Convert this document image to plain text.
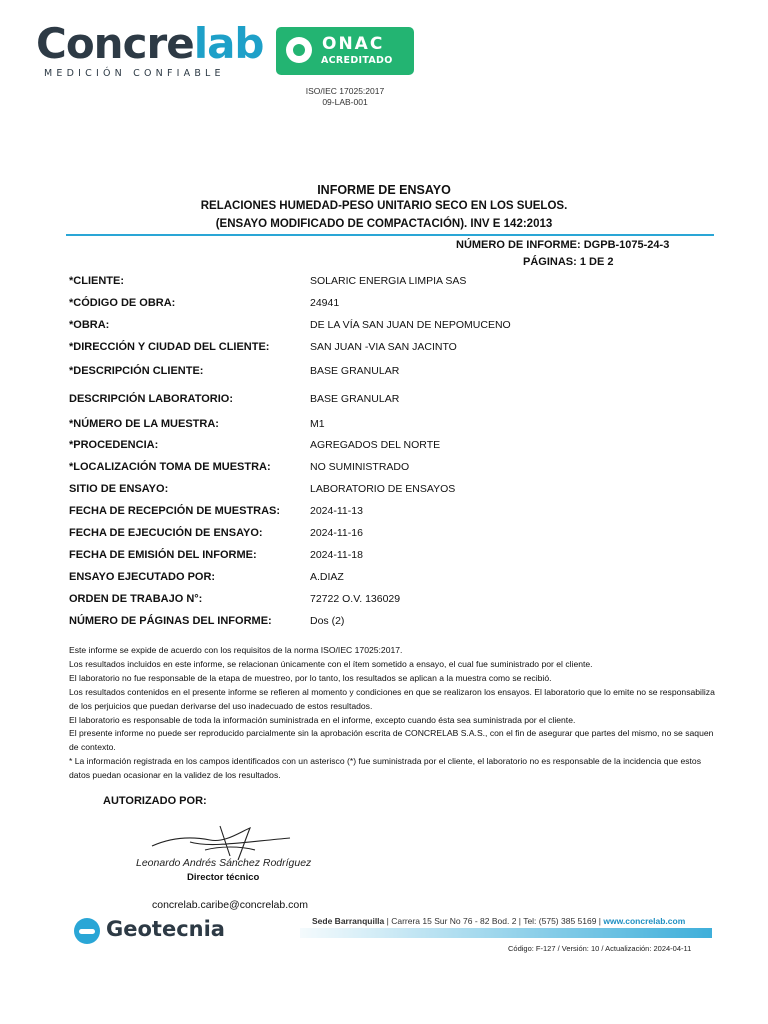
Concrelab
MEDICIÓN CONFIABLE
ONAC
ACREDITADO
ISO/IEC 17025:2017
09-LAB-001
INFORME DE ENSAYO
RELACIONES HUMEDAD-PESO UNITARIO SECO EN LOS SUELOS.
(ENSAYO MODIFICADO DE COMPACTACIÓN). INV E 142:2013
NÚMERO DE INFORME: DGPB-1075-24-3
PÁGINAS: 1 DE 2
*CLIENTE:	SOLARIC ENERGIA LIMPIA SAS
*CÓDIGO DE OBRA:	24941
*OBRA:	DE LA VÍA SAN JUAN DE NEPOMUCENO
*DIRECCIÓN Y CIUDAD DEL CLIENTE:	SAN JUAN -VIA SAN JACINTO
*DESCRIPCIÓN CLIENTE:	BASE GRANULAR
DESCRIPCIÓN LABORATORIO:	BASE GRANULAR
*NÚMERO DE LA MUESTRA:	M1
*PROCEDENCIA:	AGREGADOS DEL NORTE
*LOCALIZACIÓN TOMA DE MUESTRA:	NO SUMINISTRADO
SITIO DE ENSAYO:	LABORATORIO DE ENSAYOS
FECHA DE RECEPCIÓN DE MUESTRAS:	2024-11-13
FECHA DE EJECUCIÓN DE ENSAYO:	2024-11-16
FECHA DE EMISIÓN DEL INFORME:	2024-11-18
ENSAYO EJECUTADO POR:	A.DIAZ
ORDEN DE TRABAJO N°:	72722 O.V. 136029
NÚMERO DE PÁGINAS DEL INFORME:	Dos (2)

Este informe se expide de acuerdo con los requisitos de la norma ISO/IEC 17025:2017.

Los resultados incluidos en este informe, se relacionan únicamente con el ítem sometido a ensayo, el cual fue suministrado por el cliente.

El laboratorio no fue responsable de la etapa de muestreo, por lo tanto, los resultados se aplican a la muestra como se recibió.

Los resultados contenidos en el presente informe se refieren al momento y condiciones en que se realizaron los ensayos. El laboratorio que lo emite no se responsabiliza de los perjuicios que puedan derivarse del uso inadecuado de estos resultados.

El laboratorio es responsable de toda la información suministrada en el informe, excepto cuando ésta sea suministrada por el cliente.

El presente informe no puede ser reproducido parcialmente sin la aprobación escrita de CONCRELAB S.A.S., con el fin de asegurar que partes del mismo, no se saquen de contexto.

* La información registrada en los campos identificados con un asterisco (*) fue suministrada por el cliente, el laboratorio no es responsable de la incidencia que estos datos puedan ocasionar en la validez de los resultados.

AUTORIZADO POR:
Leonardo Andrés Sánchez Rodríguez
Director técnico
concrelab.caribe@concrelab.com
Geotecnia	Sede Barranquilla | Carrera 15 Sur No 76 - 82 Bod. 2 | Tel: (575) 385 5169 | www.concrelab.com
Código: F-127 / Versión: 10 / Actualización: 2024-04-11
